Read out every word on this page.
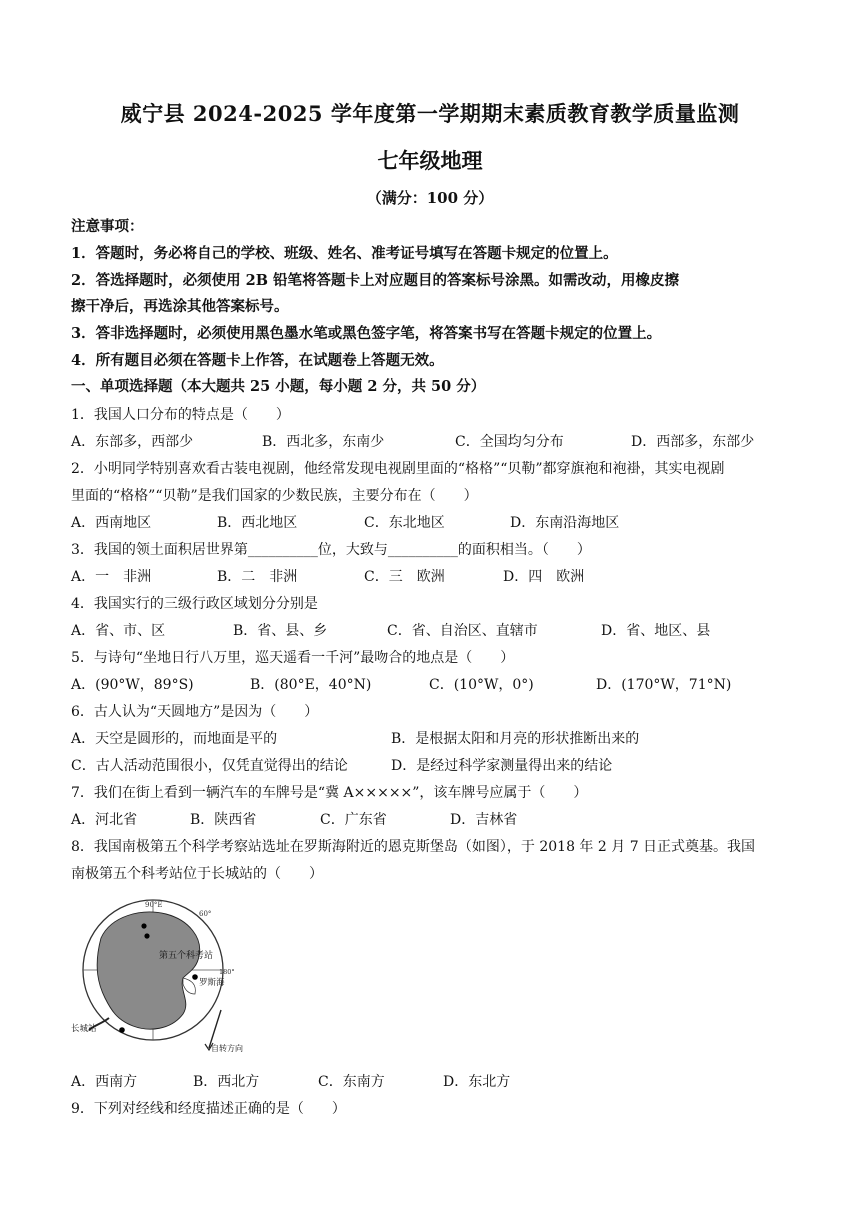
威宁县 2024-2025 学年度第一学期期末素质教育教学质量监测
七年级地理
（满分：100 分）
注意事项：
1．答题时，务必将自己的学校、班级、姓名、准考证号填写在答题卡规定的位置上。
2．答选择题时，必须使用 2B 铅笔将答题卡上对应题目的答案标号涂黑。如需改动，用橡皮擦
擦干净后，再选涂其他答案标号。
3．答非选择题时，必须使用黑色墨水笔或黑色签字笔，将答案书写在答题卡规定的位置上。
4．所有题目必须在答题卡上作答，在试题卷上答题无效。
一、单项选择题（本大题共 25 小题，每小题 2 分，共 50 分）
1．我国人口分布的特点是（　　）
A．东部多，西部少	B．西北多，东南少	C．全国均匀分布	D．西部多，东部少
2．小明同学特别喜欢看古装电视剧，他经常发现电视剧里面的“格格”“贝勒”都穿旗袍和袍褂，其实电视剧
里面的“格格”“贝勒”是我们国家的少数民族，主要分布在（　　）
A．西南地区	B．西北地区	C．东北地区	D．东南沿海地区
3．我国的领土面积居世界第__________位，大致与__________的面积相当。（　　）
A．一　非洲	B．二　非洲	C．三　欧洲	D．四　欧洲
4．我国实行的三级行政区域划分分别是
A．省、市、区	B．省、县、乡	C．省、自治区、直辖市	D．省、地区、县
5．与诗句“坐地日行八万里，巡天遥看一千河”最吻合的地点是（　　）
A．(90°W，89°S)	B．(80°E，40°N)	C．(10°W，0°)	D．(170°W，71°N)
6．古人认为“天圆地方”是因为（　　）
A．天空是圆形的，而地面是平的	B．是根据太阳和月亮的形状推断出来的
C．古人活动范围很小，仅凭直觉得出的结论	D．是经过科学家测量得出来的结论
7．我们在街上看到一辆汽车的车牌号是“冀 A×××××”，该车牌号应属于（　　）
A．河北省	B．陕西省	C．广东省	D．吉林省
8．我国南极第五个科学考察站选址在罗斯海附近的恩克斯堡岛（如图），于 2018 年 2 月 7 日正式奠基。我国
南极第五个科考站位于长城站的（　　）
90°E
60°
180°
第五个科考站
罗斯海
长城站
自转方向
A．西南方	B．西北方	C．东南方	D．东北方
9．下列对经线和经度描述正确的是（　　）
